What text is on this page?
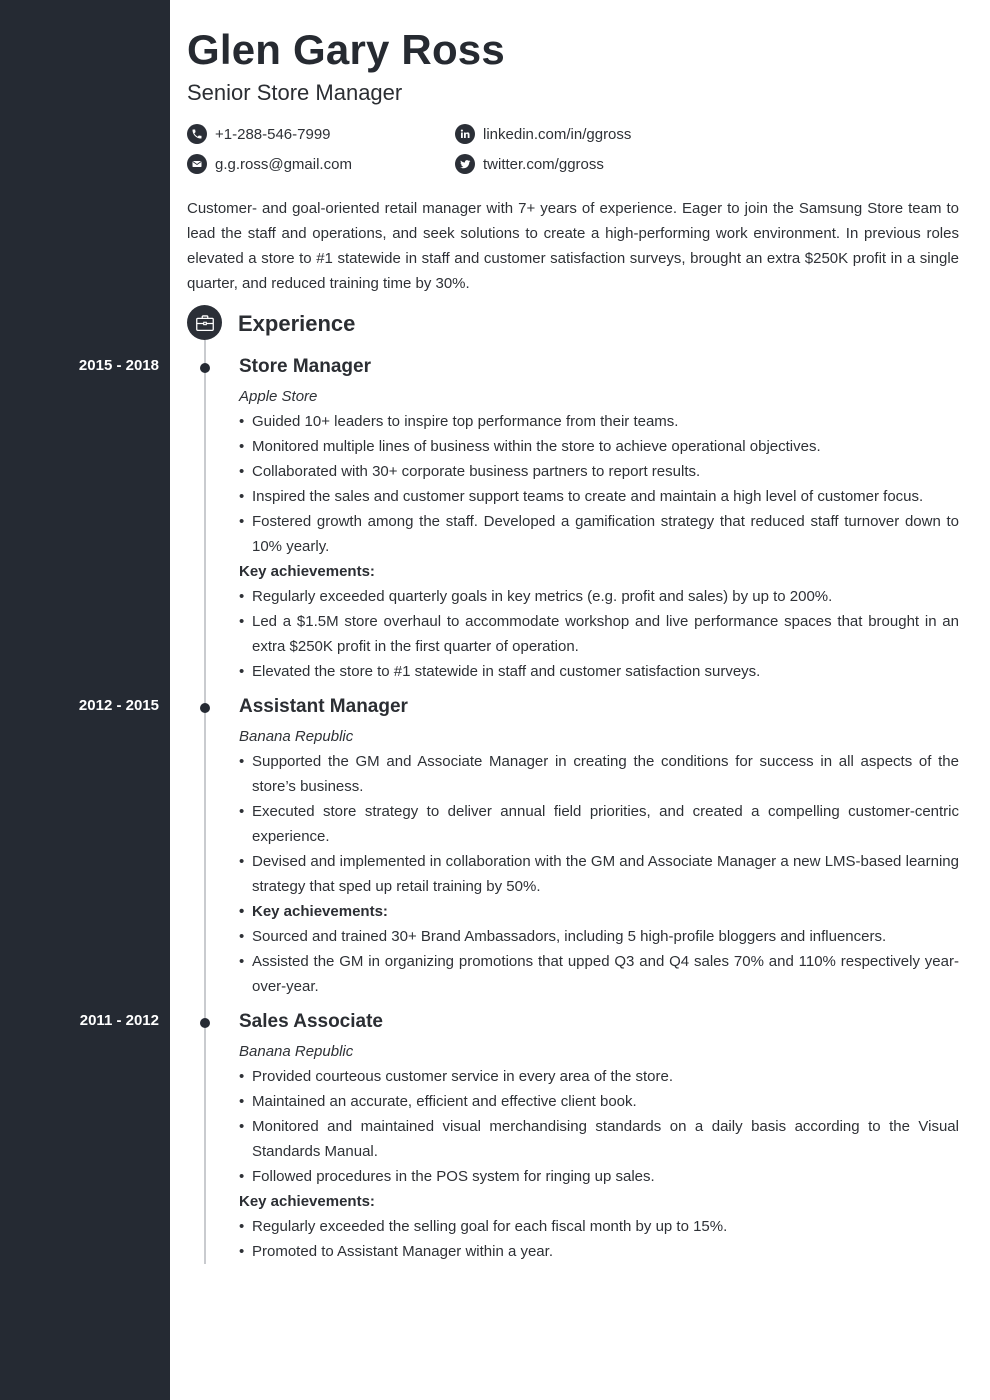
Glen Gary Ross
Senior Store Manager
+1-288-546-7999
g.g.ross@gmail.com
linkedin.com/in/ggross
twitter.com/ggross

Customer- and goal-oriented retail manager with 7+ years of experience. Eager to join the Samsung Store team to lead the staff and operations, and seek solutions to create a high-performing work environment. In previous roles elevated a store to #1 statewide in staff and customer satisfaction surveys, brought an extra $250K profit in a single quarter, and reduced training time by 30%.

Experience
2015 - 2018	Store Manager
Apple Store
• Guided 10+ leaders to inspire top performance from their teams.
• Monitored multiple lines of business within the store to achieve operational objectives.
• Collaborated with 30+ corporate business partners to report results.
• Inspired the sales and customer support teams to create and maintain a high level of customer focus.
• Fostered growth among the staff. Developed a gamification strategy that reduced staff turnover down to 10% yearly.
Key achievements:
• Regularly exceeded quarterly goals in key metrics (e.g. profit and sales) by up to 200%.
• Led a $1.5M store overhaul to accommodate workshop and live performance spaces that brought in an extra $250K profit in the first quarter of operation.
• Elevated the store to #1 statewide in staff and customer satisfaction surveys.
2012 - 2015	Assistant Manager
Banana Republic
• Supported the GM and Associate Manager in creating the conditions for success in all aspects of the store’s business.
• Executed store strategy to deliver annual field priorities, and created a compelling customer-centric experience.
• Devised and implemented in collaboration with the GM and Associate Manager a new LMS-based learning strategy that sped up retail training by 50%.
• Key achievements:
• Sourced and trained 30+ Brand Ambassadors, including 5 high-profile bloggers and influencers.
• Assisted the GM in organizing promotions that upped Q3 and Q4 sales 70% and 110% respectively year-over-year.
2011 - 2012	Sales Associate
Banana Republic
• Provided courteous customer service in every area of the store.
• Maintained an accurate, efficient and effective client book.
• Monitored and maintained visual merchandising standards on a daily basis according to the Visual Standards Manual.
• Followed procedures in the POS system for ringing up sales.
Key achievements:
• Regularly exceeded the selling goal for each fiscal month by up to 15%.
• Promoted to Assistant Manager within a year.
